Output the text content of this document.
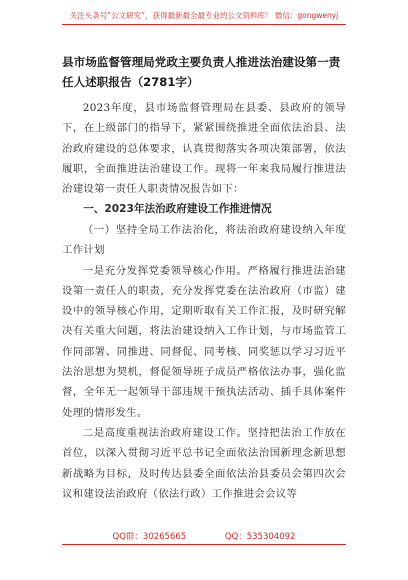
关注头条号“公文研究”，获得最新最全最专业的公文资料库！ 微信：gongwenyj
县市场监督管理局党政主要负责人推进法治建设第一责任人述职报告（2781字）

2023年度，县市场监督管理局在县委、县政府的领导下，在上级部门的指导下，紧紧围绕推进全面依法治县、法治政府建设的总体要求，认真贯彻落实各项决策部署，依法履职，全面推进法治建设工作。现将一年来我局履行推进法治建设第一责任人职责情况报告如下：

一、2023年法治政府建设工作推进情况

（一）坚持全局工作法治化，将法治政府建设纳入年度工作计划

一是充分发挥党委领导核心作用。严格履行推进法治建设第一责任人的职责，充分发挥党委在法治政府（市监）建设中的领导核心作用，定期听取有关工作汇报，及时研究解决有关重大问题，将法治建设纳入工作计划，与市场监管工作同部署、同推进、同督促、同考核、同奖惩以学习习近平法治思想为契机，督促领导班子成员严格依法办事，强化监督，全年无一起领导干部违规干预执法活动、插手具体案件处理的情形发生。

二是高度重视法治政府建设工作。坚持把法治工作放在首位，以深入贯彻习近平总书记全面依法治国新理念新思想新战略为目标，及时传达县委全面依法治县委员会第四次会议和建设法治政府（依法行政）工作推进会会议等

QQ群：30265665	QQ：535304092
